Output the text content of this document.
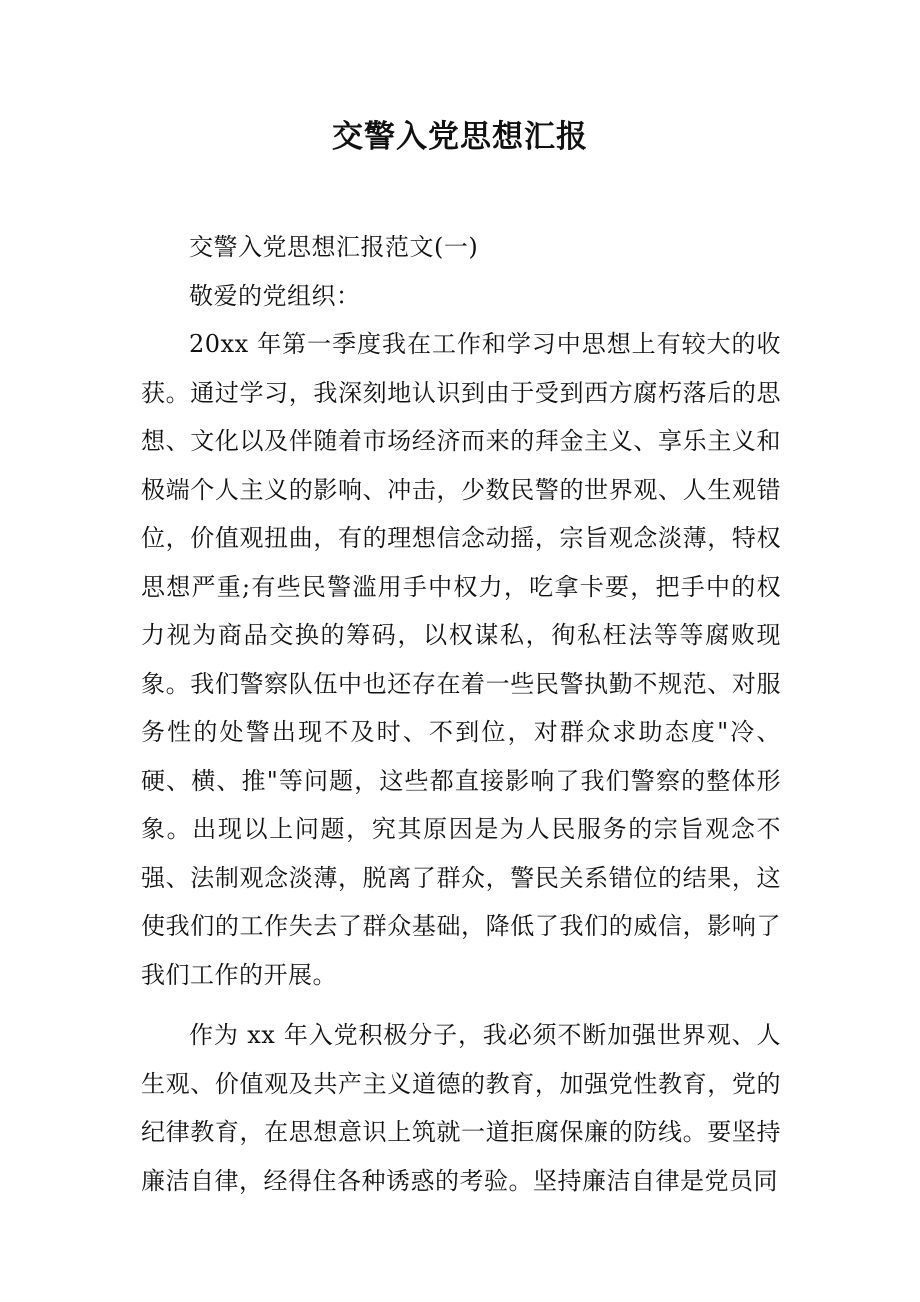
交警入党思想汇报

交警入党思想汇报范文(一)

敬爱的党组织：

20xx 年第一季度我在工作和学习中思想上有较大的收获。通过学习，我深刻地认识到由于受到西方腐朽落后的思想、文化以及伴随着市场经济而来的拜金主义、享乐主义和极端个人主义的影响、冲击，少数民警的世界观、人生观错位，价值观扭曲，有的理想信念动摇，宗旨观念淡薄，特权思想严重;有些民警滥用手中权力，吃拿卡要，把手中的权力视为商品交换的筹码，以权谋私，徇私枉法等等腐败现象。我们警察队伍中也还存在着一些民警执勤不规范、对服务性的处警出现不及时、不到位，对群众求助态度"冷、硬、横、推"等问题，这些都直接影响了我们警察的整体形象。出现以上问题，究其原因是为人民服务的宗旨观念不强、法制观念淡薄，脱离了群众，警民关系错位的结果，这使我们的工作失去了群众基础，降低了我们的威信，影响了我们工作的开展。

作为 xx 年入党积极分子，我必须不断加强世界观、人生观、价值观及共产主义道德的教育，加强党性教育，党的纪律教育，在思想意识上筑就一道拒腐保廉的防线。要坚持廉洁自律，经得住各种诱惑的考验。坚持廉洁自律是党员同
